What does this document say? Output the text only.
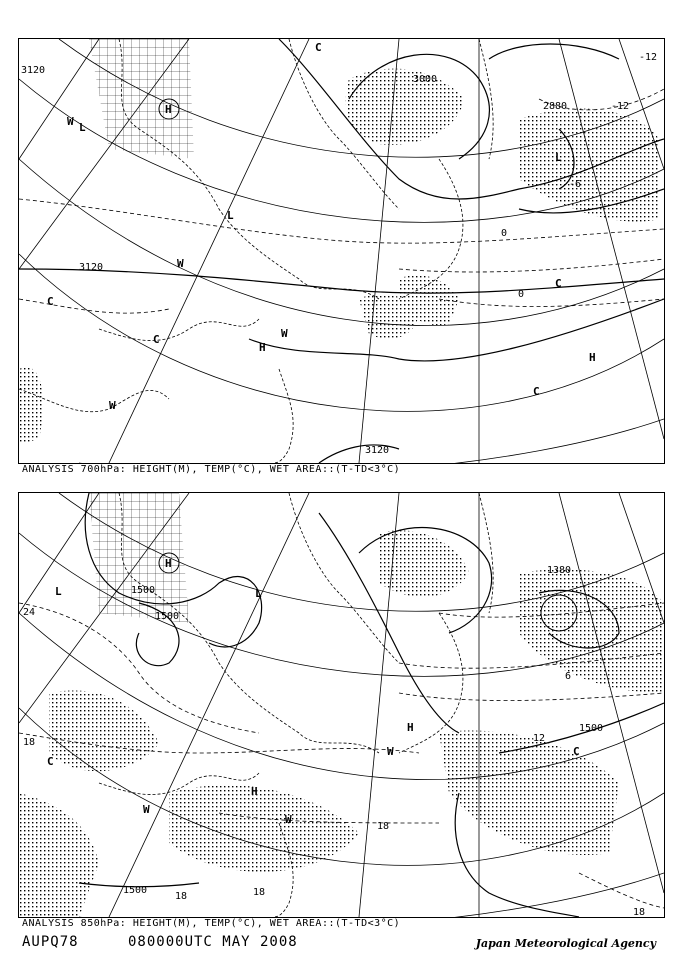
3120
3120
3120
3000
2880
-12
-12
0
0
-6
H
H
H
L
L
L
W
W
W
W
C
C
C
C
C
ANALYSIS 700hPa: HEIGHT(M), TEMP(°C), WET AREA::(T-TD<3°C)
1500
1500
1500
1500
1380
24
18
18
18	18
12
6
18
H
H
H
L	L
C
C
W
W
W
ANALYSIS 850hPa: HEIGHT(M), TEMP(°C), WET AREA::(T-TD<3°C)
AUPQ78	080000UTC MAY 2008	Japan Meteorological Agency
